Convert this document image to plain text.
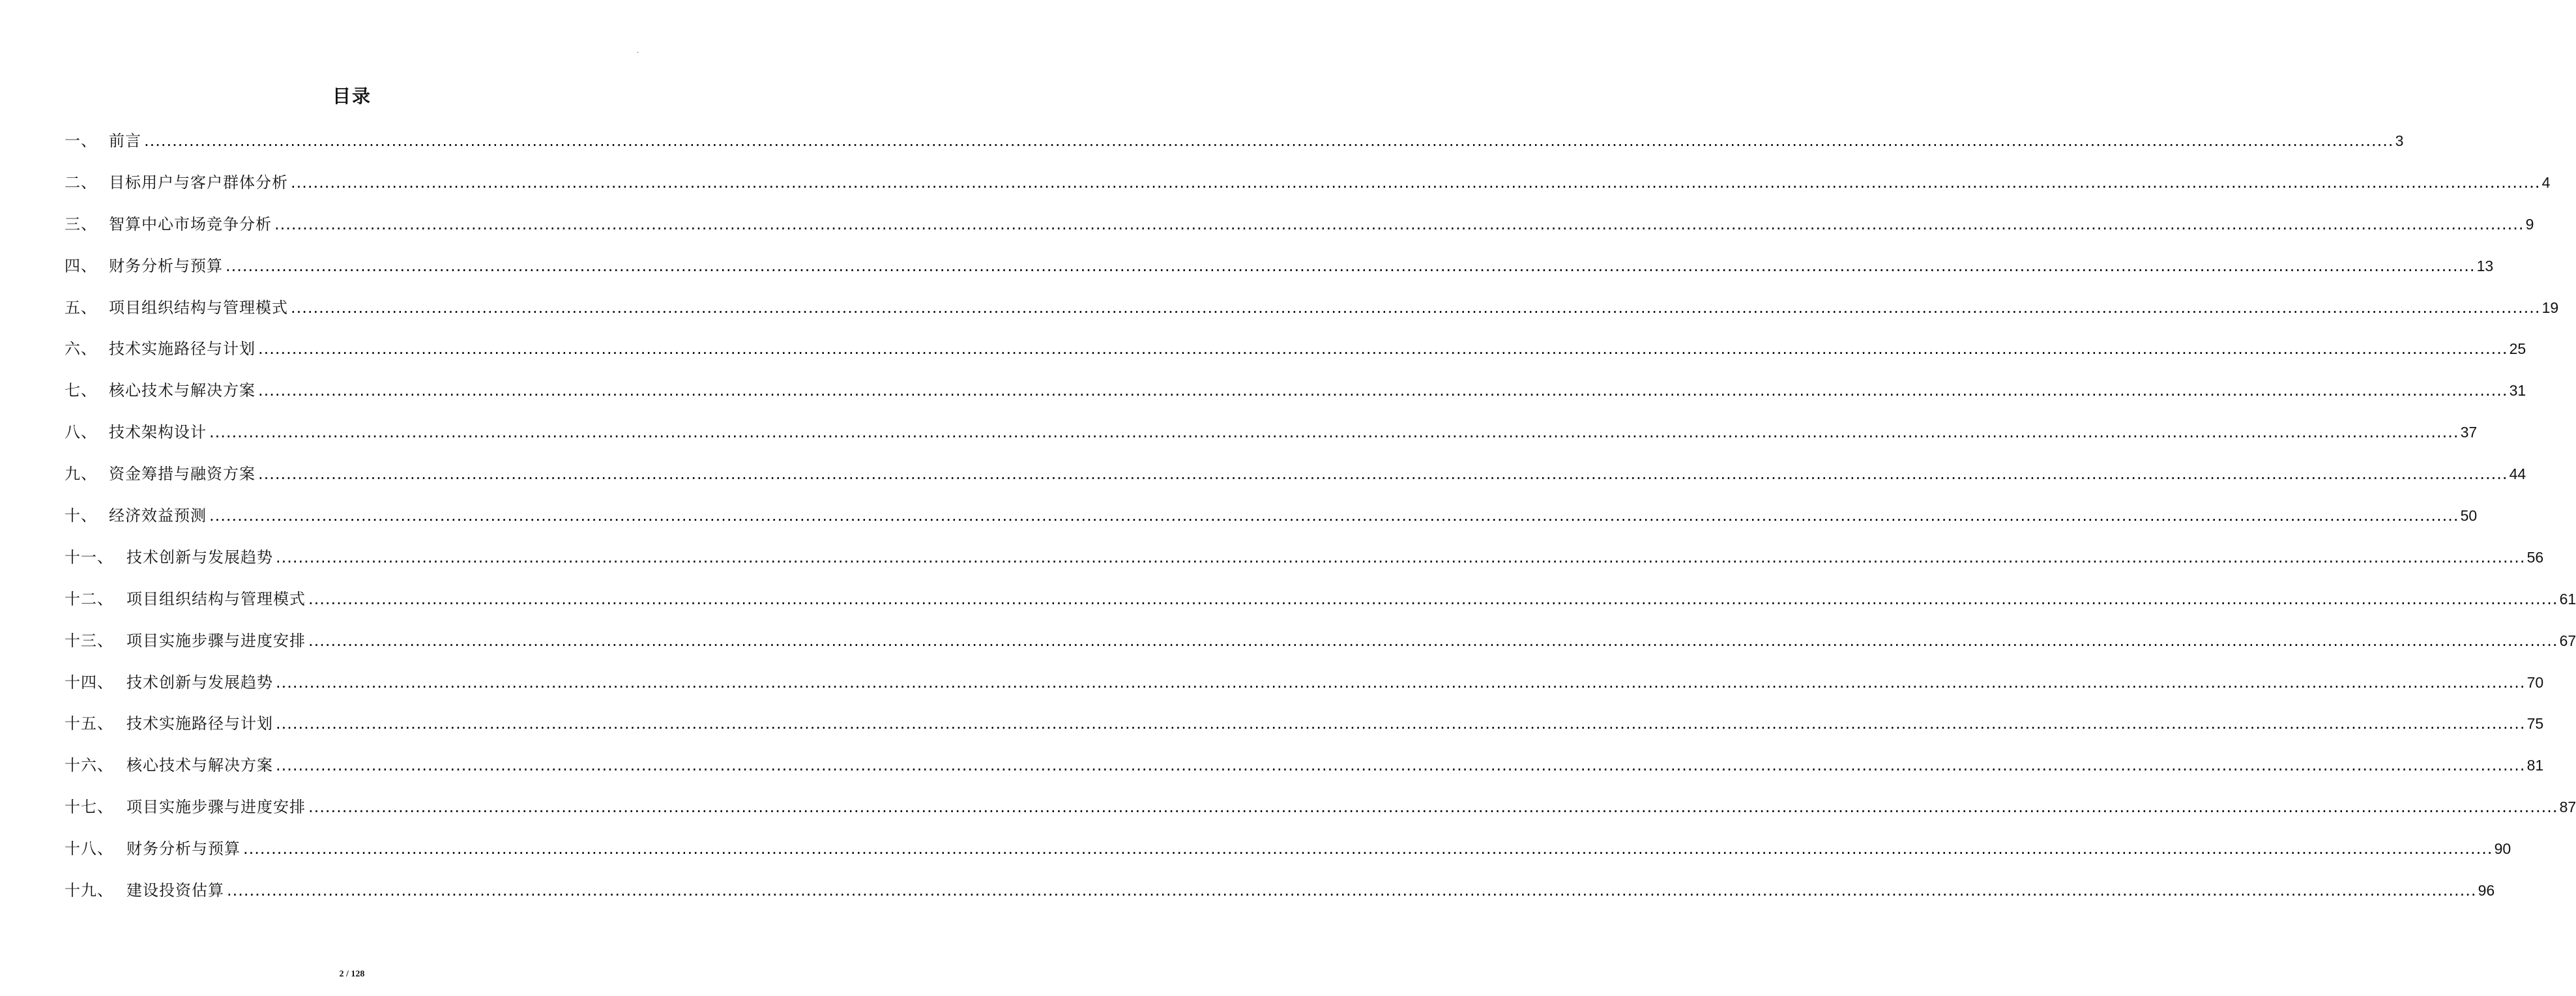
.
目录
一、 前言 ................................................................................................................................................................................................................................................................................................................................................................................................................ 3
二、 目标用户与客户群体分析 ................................................................................................................................................................................................................................................................................................................................................................................................................ 4
三、 智算中心市场竞争分析 ................................................................................................................................................................................................................................................................................................................................................................................................................ 9
四、 财务分析与预算 ................................................................................................................................................................................................................................................................................................................................................................................................................ 13
五、 项目组织结构与管理模式 ................................................................................................................................................................................................................................................................................................................................................................................................................ 19
六、 技术实施路径与计划 ................................................................................................................................................................................................................................................................................................................................................................................................................ 25
七、 核心技术与解决方案 ................................................................................................................................................................................................................................................................................................................................................................................................................ 31
八、 技术架构设计 ................................................................................................................................................................................................................................................................................................................................................................................................................ 37
九、 资金筹措与融资方案 ................................................................................................................................................................................................................................................................................................................................................................................................................ 44
十、 经济效益预测 ................................................................................................................................................................................................................................................................................................................................................................................................................ 50
十一、 技术创新与发展趋势 ................................................................................................................................................................................................................................................................................................................................................................................................................ 56
十二、 项目组织结构与管理模式 ................................................................................................................................................................................................................................................................................................................................................................................................................ 61
十三、 项目实施步骤与进度安排 ................................................................................................................................................................................................................................................................................................................................................................................................................ 67
十四、 技术创新与发展趋势 ................................................................................................................................................................................................................................................................................................................................................................................................................ 70
十五、 技术实施路径与计划 ................................................................................................................................................................................................................................................................................................................................................................................................................ 75
十六、 核心技术与解决方案 ................................................................................................................................................................................................................................................................................................................................................................................................................ 81
十七、 项目实施步骤与进度安排 ................................................................................................................................................................................................................................................................................................................................................................................................................ 87
十八、 财务分析与预算 ................................................................................................................................................................................................................................................................................................................................................................................................................ 90
十九、 建设投资估算 ................................................................................................................................................................................................................................................................................................................................................................................................................ 96
2 / 128
